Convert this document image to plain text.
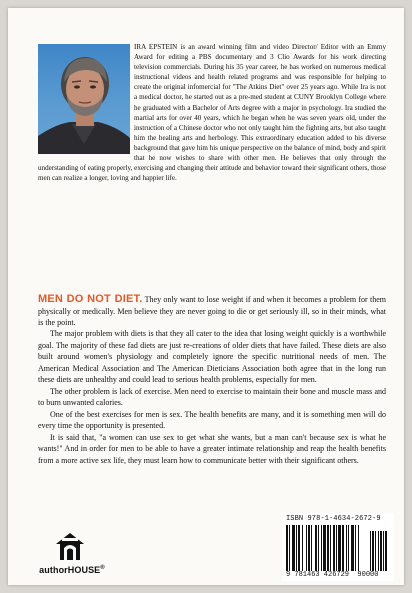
IRA EPSTEIN is an award winning film and video Director/ Editor with an Emmy Award for editing a PBS documentary and 3 Clio Awards for his work directing television commercials. During his 35 year career, he has worked on numerous medical instructional videos and health related programs and was responsible for helping to create the original infomercial for "The Atkins Diet" over 25 years ago. While Ira is not a medical doctor, he started out as a pre-med student at CUNY Brooklyn College where he graduated with a Bachelor of Arts degree with a major in psychology. Ira studied the martial arts for over 40 years, which he began when he was seven years old, under the instruction of a Chinese doctor who not only taught him the fighting arts, but also taught him the healing arts and herbology. This extraordinary education added to his diverse background that gave him his unique perspective on the balance of mind, body and spirit that he now wishes to share with other men. He believes that only through the understanding of eating properly, exercising and changing their attitude and behavior toward their significant others, those men can realize a longer, loving and happier life.

MEN DO NOT DIET. They only want to lose weight if and when it becomes a problem for them physically or medically. Men believe they are never going to die or get seriously ill, so in their minds, what is the point.

The major problem with diets is that they all cater to the idea that losing weight quickly is a worthwhile goal. The majority of these fad diets are just re-creations of older diets that have failed. These diets are also built around women's physiology and completely ignore the specific nutritional needs of men. The American Medical Association and The American Dieticians Association both agree that in the long run these diets are unhealthy and could lead to serious health problems, especially for men.

The other problem is lack of exercise. Men need to exercise to maintain their bone and muscle mass and to burn unwanted calories.

One of the best exercises for men is sex. The health benefits are many, and it is something men will do every time the opportunity is presented.

It is said that, "a women can use sex to get what she wants, but a man can't because sex is what he wants!" And in order for men to be able to have a greater intimate relationship and reap the health benefits from a more active sex life, they must learn how to communicate better with their significant others.

authorHOUSE®
ISBN 978-1-4634-2672-9
9 781463 426729 90000
